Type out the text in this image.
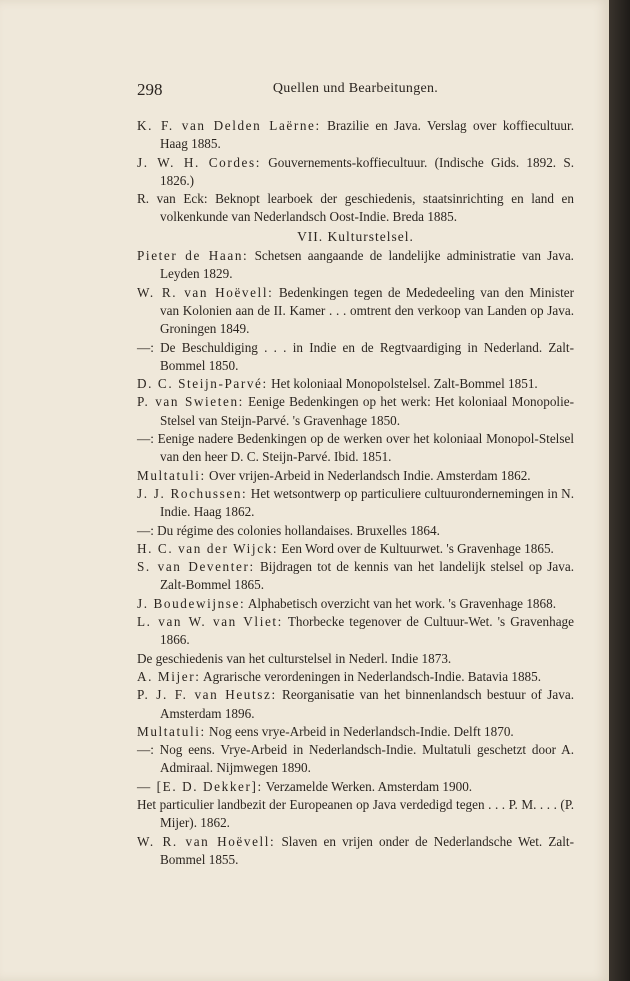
298	Quellen und Bearbeitungen.

K. F. van Delden Laërne: Brazilie en Java. Verslag over koffiecultuur. Haag 1885.

J. W. H. Cordes: Gouvernements-koffiecultuur. (Indische Gids. 1892. S. 1826.)

R. van Eck: Beknopt learboek der geschiedenis, staatsinrichting en land en volkenkunde van Nederlandsch Oost-Indie. Breda 1885.

VII. Kulturstelsel.

Pieter de Haan: Schetsen aangaande de landelijke administratie van Java. Leyden 1829.

W. R. van Hoëvell: Bedenkingen tegen de Mededeeling van den Minister van Kolonien aan de II. Kamer . . . omtrent den verkoop van Landen op Java. Groningen 1849.

—: De Beschuldiging . . . in Indie en de Regtvaardiging in Nederland. Zalt-Bommel 1850.

D. C. Steijn-Parvé: Het koloniaal Monopolstelsel. Zalt-Bommel 1851.

P. van Swieten: Eenige Bedenkingen op het werk: Het koloniaal Monopolie-Stelsel van Steijn-Parvé. 's Gravenhage 1850.

—: Eenige nadere Bedenkingen op de werken over het koloniaal Monopol-Stelsel van den heer D. C. Steijn-Parvé. Ibid. 1851.

Multatuli: Over vrijen-Arbeid in Nederlandsch Indie. Amsterdam 1862.

J. J. Rochussen: Het wetsontwerp op particuliere cultuurondernemingen in N. Indie. Haag 1862.

—: Du régime des colonies hollandaises. Bruxelles 1864.

H. C. van der Wijck: Een Word over de Kultuurwet. 's Gravenhage 1865.

S. van Deventer: Bijdragen tot de kennis van het landelijk stelsel op Java. Zalt-Bommel 1865.

J. Boudewijnse: Alphabetisch overzicht van het work. 's Gravenhage 1868.

L. van W. van Vliet: Thorbecke tegenover de Cultuur-Wet. 's Gravenhage 1866.

De geschiedenis van het culturstelsel in Nederl. Indie 1873.

A. Mijer: Agrarische verordeningen in Nederlandsch-Indie. Batavia 1885.

P. J. F. van Heutsz: Reorganisatie van het binnenlandsch bestuur of Java. Amsterdam 1896.

Multatuli: Nog eens vrye-Arbeid in Nederlandsch-Indie. Delft 1870.

—: Nog eens. Vrye-Arbeid in Nederlandsch-Indie. Multatuli geschetzt door A. Admiraal. Nijmwegen 1890.

— [E. D. Dekker]: Verzamelde Werken. Amsterdam 1900.

Het particulier landbezit der Europeanen op Java verdedigd tegen . . . P. M. . . . (P. Mijer). 1862.

W. R. van Hoëvell: Slaven en vrijen onder de Nederlandsche Wet. Zalt-Bommel 1855.
